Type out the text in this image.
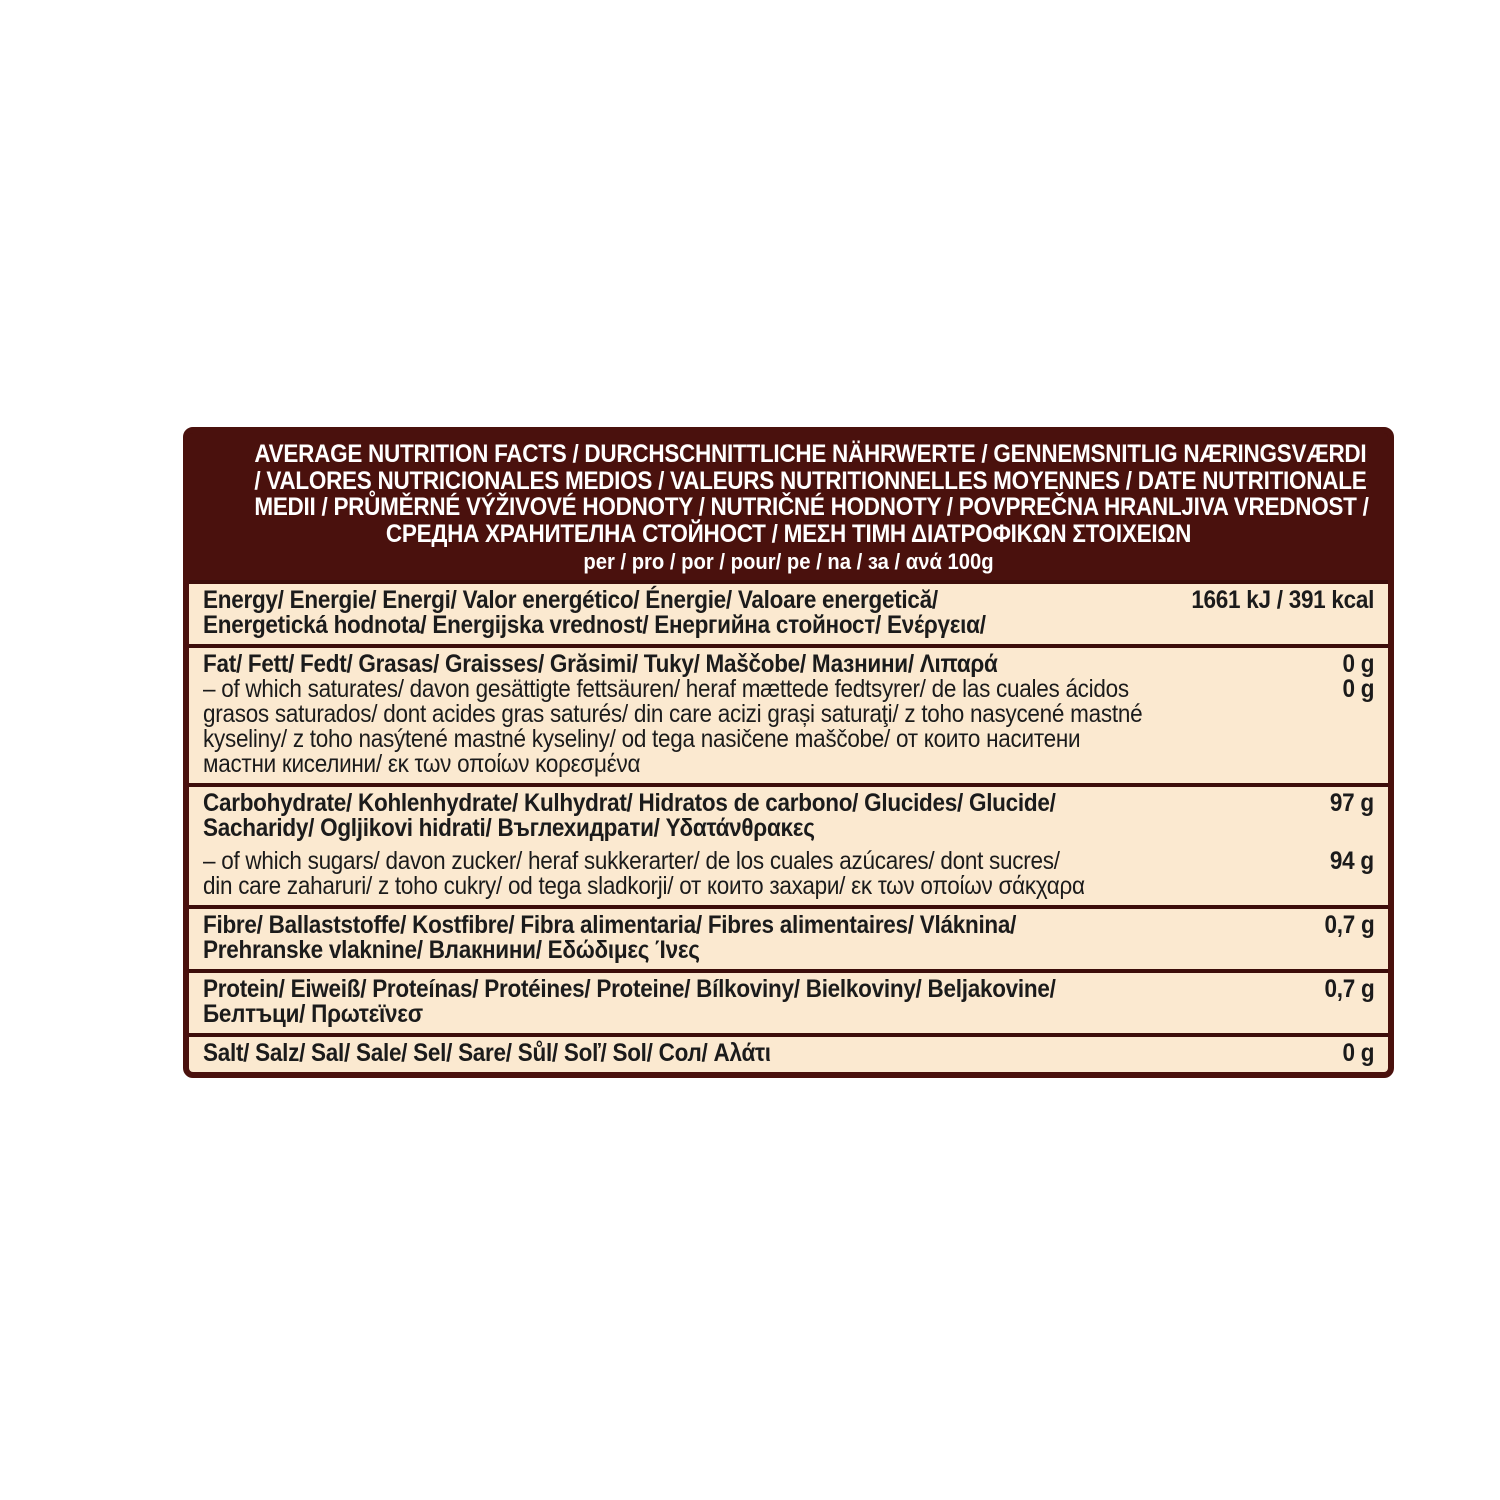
AVERAGE NUTRITION FACTS / DURCHSCHNITTLICHE NÄHRWERTE / GENNEMSNITLIG NÆRINGSVÆRDI
/ VALORES NUTRICIONALES MEDIOS / VALEURS NUTRITIONNELLES MOYENNES / DATE NUTRITIONALE
MEDII / PRŮMĚRNÉ VÝŽIVOVÉ HODNOTY / NUTRIČNÉ HODNOTY / POVPREČNA HRANLJIVA VREDNOST /
СРЕДНА ХРАНИТЕЛНА СТОЙНОСТ / ΜΕΣΗ ΤΙΜΗ ΔΙΑΤΡΟΦΙΚΩΝ ΣΤΟΙΧΕΙΩΝ
per / pro / por / pour/ pe / na / за / ανά 100g
Energy/ Energie/ Energi/ Valor energético/ Énergie/ Valoare energetică/
Energetická hodnota/ Energijska vrednost/ Енергийна стойност/ Ενέργεια/
1661 kJ / 391 kcal
Fat/ Fett/ Fedt/ Grasas/ Graisses/ Grăsimi/ Tuky/ Maščobe/ Мазнини/ Λιπαρά
– of which saturates/ davon gesättigte fettsäuren/ heraf mættede fedtsyrer/ de las cuales ácidos
grasos saturados/ dont acides gras saturés/ din care acizi grași saturaţi/ z toho nasycené mastné
kyseliny/ z toho nasýtené mastné kyseliny/ od tega nasičene maščobe/ от които наситени
мастни киселини/ εκ των οποίων κορεσμένα
0 g
0 g
Carbohydrate/ Kohlenhydrate/ Kulhydrat/ Hidratos de carbono/ Glucides/ Glucide/
Sacharidy/ Ogljikovi hidrati/ Въглехидрати/ Υδατάνθρακες
– of which sugars/ davon zucker/ heraf sukkerarter/ de los cuales azúcares/ dont sucres/
din care zaharuri/ z toho cukry/ od tega sladkorji/ от които захари/ εκ των οποίων σάκχαρα
97 g
94 g
Fibre/ Ballaststoffe/ Kostfibre/ Fibra alimentaria/ Fibres alimentaires/ Vláknina/
Prehranske vlaknine/ Влакнини/ Εδώδιμες Ίνες
0,7 g
Protein/ Eiweiß/ Proteínas/ Protéines/ Proteine/ Bílkoviny/ Bielkoviny/ Beljakovine/
Белтъци/ Πρωτεϊνεσ
0,7 g
Salt/ Salz/ Sal/ Sale/ Sel/ Sare/ Sůl/ Soľ/ Sol/ Сол/ Αλάτι	0 g
